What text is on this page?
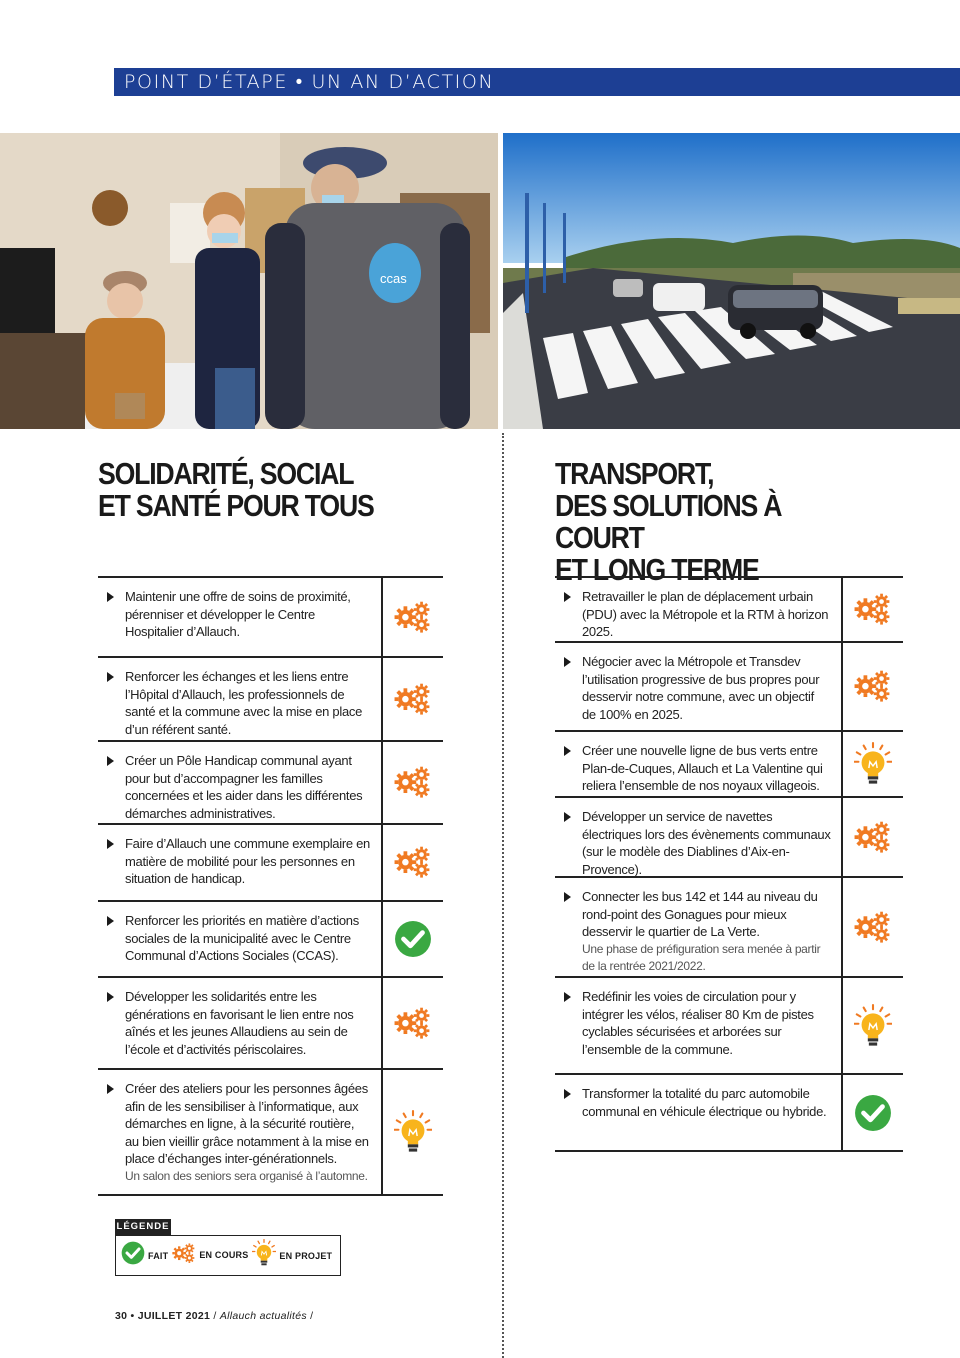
POINT D’ÉTAPE • UN AN D’ACTION
ccas
SOLIDARITÉ, SOCIAL
ET SANTÉ POUR TOUS
Maintenir une offre de soins de proximité, pérenniser et développer le Centre Hospitalier d’Allauch.
Renforcer les échanges et les liens entre l’Hôpital d’Allauch, les professionnels de santé et la commune avec la mise en place d’un référent santé.
Créer un Pôle Handicap communal ayant pour but d’accompagner les familles concernées et les aider dans les différentes démarches administratives.
Faire d’Allauch une commune exemplaire en matière de mobilité pour les personnes en situation de handicap.
Renforcer les priorités en matière d’actions sociales de la municipalité avec le Centre Communal d’Actions Sociales (CCAS).
Développer les solidarités entre les générations en favorisant le lien entre nos aînés et les jeunes Allaudiens au sein de l’école et d’activités périscolaires.
Créer des ateliers pour les personnes âgées afin de les sensibiliser à l’informatique, aux démarches en ligne, à la sécurité routière, au bien vieillir grâce notamment à la mise en place d’échanges inter-générationnels.
Un salon des seniors sera organisé à l’automne.
TRANSPORT,
DES SOLUTIONS À COURT
ET LONG TERME
Retravailler le plan de déplacement urbain (PDU) avec la Métropole et la RTM à horizon 2025.
Négocier avec la Métropole et Transdev l’utilisation progressive de bus propres pour desservir notre commune, avec un objectif de 100% en 2025.
Créer une nouvelle ligne de bus verts entre Plan-de-Cuques, Allauch et La Valentine qui reliera l’ensemble de nos noyaux villageois.
Développer un service de navettes électriques lors des évènements communaux (sur le modèle des Diablines d’Aix-en-Provence).
Connecter les bus 142 et 144 au niveau du rond-point des Gonagues pour mieux desservir le quartier de La Verte.
Une phase de préfiguration sera menée à partir de la rentrée 2021/2022.
Redéfinir les voies de circulation pour y intégrer les vélos, réaliser 80 Km de pistes cyclables sécurisées et arborées sur l’ensemble de la commune.
Transformer la totalité du parc automobile communal en véhicule électrique ou hybride.
LÉGENDE
FAIT	EN COURS	EN PROJET
30 • JUILLET 2021 / Allauch actualités /
